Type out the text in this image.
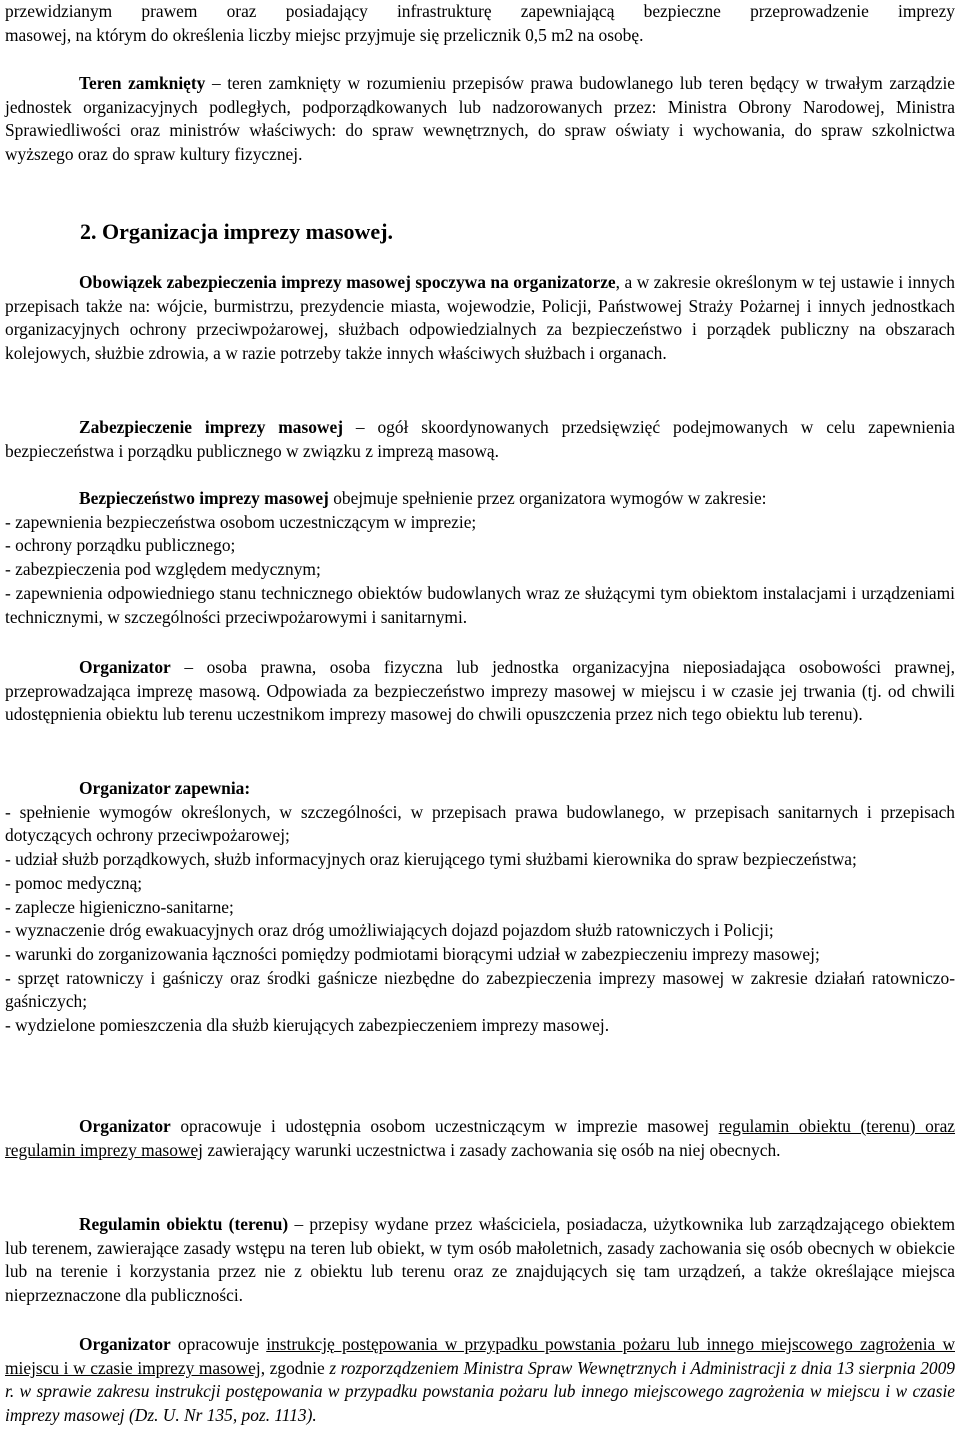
przewidzianym prawem oraz posiadający infrastrukturę zapewniającą bezpieczne przeprowadzenie imprezy

masowej, na którym do określenia liczby miejsc przyjmuje się przelicznik 0,5 m2 na osobę.

Teren zamknięty – teren zamknięty w rozumieniu przepisów prawa budowlanego lub teren będący w trwałym zarządzie jednostek organizacyjnych podległych, podporządkowanych lub nadzorowanych przez: Ministra Obrony Narodowej, Ministra Sprawiedliwości oraz ministrów właściwych: do spraw wewnętrznych, do spraw oświaty i wychowania, do spraw szkolnictwa wyższego oraz do spraw kultury fizycznej.

2. Organizacja imprezy masowej.

Obowiązek zabezpieczenia imprezy masowej spoczywa na organizatorze, a w zakresie określonym w tej ustawie i innych przepisach także na: wójcie, burmistrzu, prezydencie miasta, wojewodzie, Policji, Państwowej Straży Pożarnej i innych jednostkach organizacyjnych ochrony przeciwpożarowej, służbach odpowiedzialnych za bezpieczeństwo i porządek publiczny na obszarach kolejowych, służbie zdrowia, a w razie potrzeby także innych właściwych służbach i organach.

Zabezpieczenie imprezy masowej – ogół skoordynowanych przedsięwzięć podejmowanych w celu zapewnienia bezpieczeństwa i porządku publicznego w związku z imprezą masową.

Bezpieczeństwo imprezy masowej obejmuje spełnienie przez organizatora wymogów w zakresie:

- zapewnienia bezpieczeństwa osobom uczestniczącym w imprezie;

- ochrony porządku publicznego;

- zabezpieczenia pod względem medycznym;

- zapewnienia odpowiedniego stanu technicznego obiektów budowlanych wraz ze służącymi tym obiektom instalacjami i urządzeniami technicznymi, w szczególności przeciwpożarowymi i sanitarnymi.

Organizator – osoba prawna, osoba fizyczna lub jednostka organizacyjna nieposiadająca osobowości prawnej, przeprowadzająca imprezę masową. Odpowiada za bezpieczeństwo imprezy masowej w miejscu i w czasie jej trwania (tj. od chwili udostępnienia obiektu lub terenu uczestnikom imprezy masowej do chwili opuszczenia przez nich tego obiektu lub terenu).

Organizator zapewnia:

- spełnienie wymogów określonych, w szczególności, w przepisach prawa budowlanego, w przepisach sanitarnych i przepisach dotyczących ochrony przeciwpożarowej;

- udział służb porządkowych, służb informacyjnych oraz kierującego tymi służbami kierownika do spraw bezpieczeństwa;

- pomoc medyczną;

- zaplecze higieniczno-sanitarne;

- wyznaczenie dróg ewakuacyjnych oraz dróg umożliwiających dojazd pojazdom służb ratowniczych i Policji;

- warunki do zorganizowania łączności pomiędzy podmiotami biorącymi udział w zabezpieczeniu imprezy masowej;

- sprzęt ratowniczy i gaśniczy oraz środki gaśnicze niezbędne do zabezpieczenia imprezy masowej w zakresie działań ratowniczo-gaśniczych;

- wydzielone pomieszczenia dla służb kierujących zabezpieczeniem imprezy masowej.

Organizator opracowuje i udostępnia osobom uczestniczącym w imprezie masowej regulamin obiektu (terenu) oraz regulamin imprezy masowej zawierający warunki uczestnictwa i zasady zachowania się osób na niej obecnych.

Regulamin obiektu (terenu) – przepisy wydane przez właściciela, posiadacza, użytkownika lub zarządzającego obiektem lub terenem, zawierające zasady wstępu na teren lub obiekt, w tym osób małoletnich, zasady zachowania się osób obecnych w obiekcie lub na terenie i korzystania przez nie z obiektu lub terenu oraz ze znajdujących się tam urządzeń, a także określające miejsca nieprzeznaczone dla publiczności.

Organizator opracowuje instrukcję postępowania w przypadku powstania pożaru lub innego miejscowego zagrożenia w miejscu i w czasie imprezy masowej, zgodnie z rozporządzeniem Ministra Spraw Wewnętrznych i Administracji z dnia 13 sierpnia 2009 r. w sprawie zakresu instrukcji postępowania w przypadku powstania pożaru lub innego miejscowego zagrożenia w miejscu i w czasie imprezy masowej (Dz. U. Nr 135, poz. 1113).
